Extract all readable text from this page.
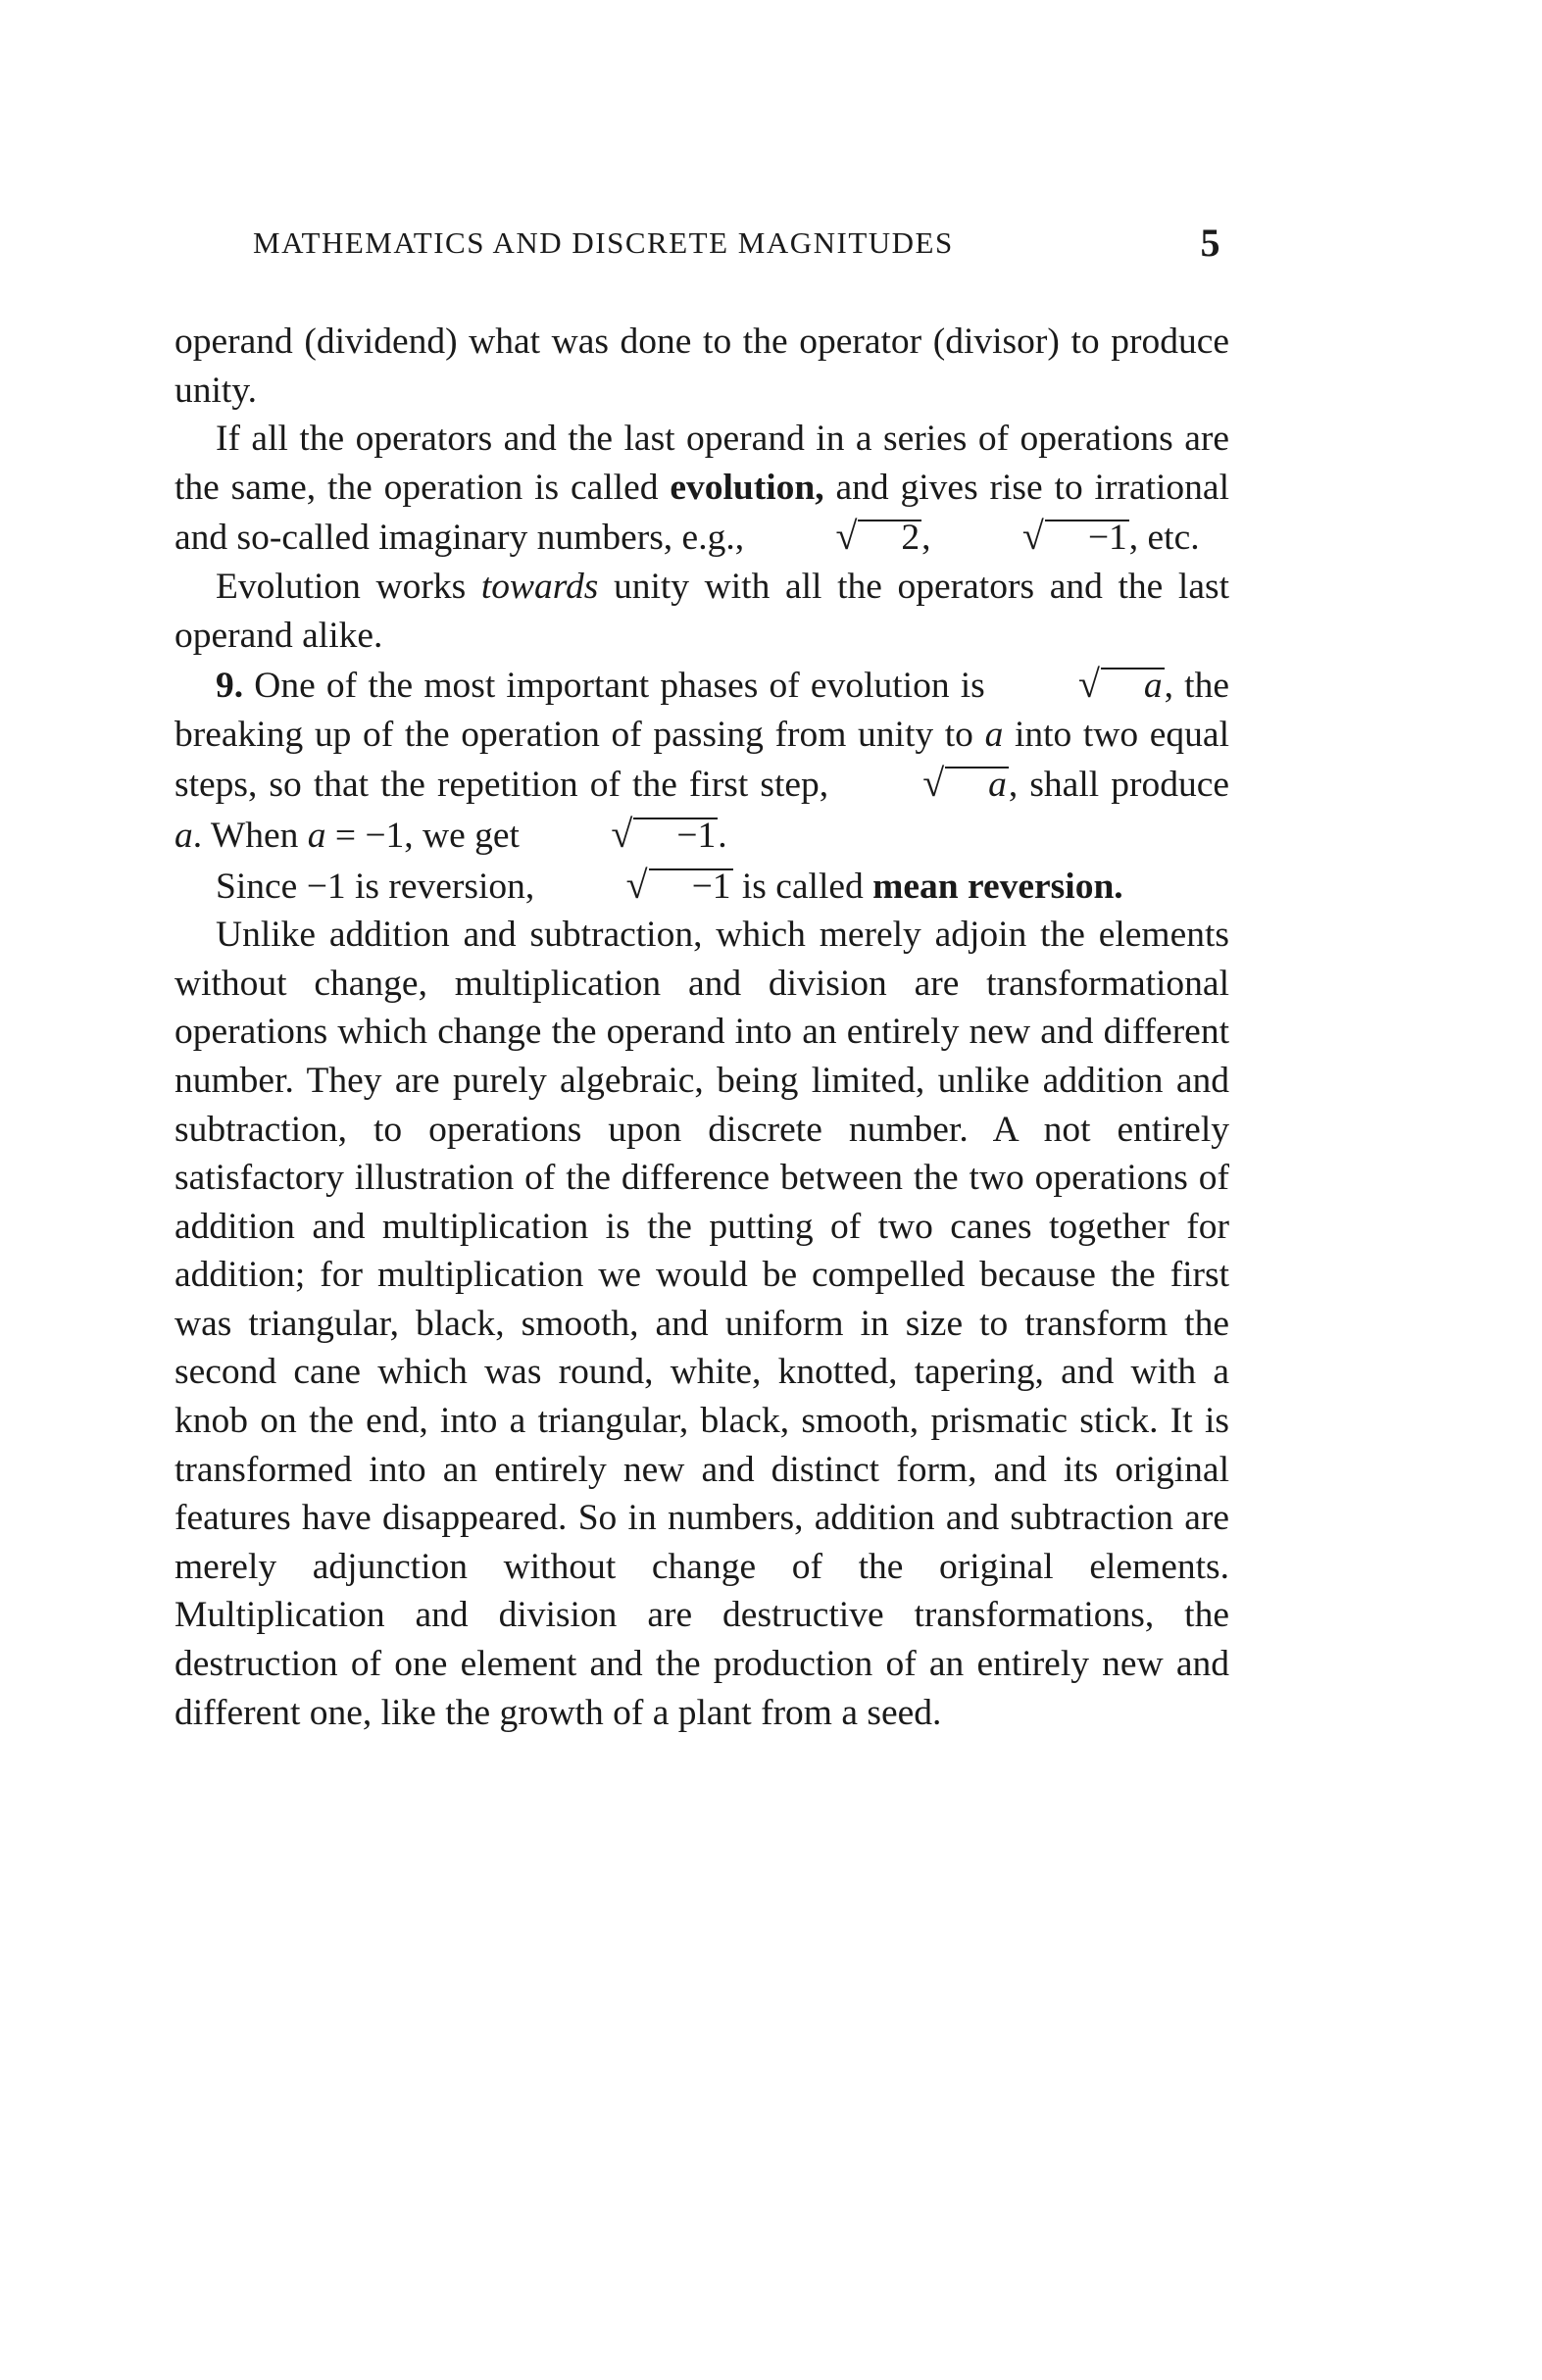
MATHEMATICS AND DISCRETE MAGNITUDES	5

operand (dividend) what was done to the operator (divisor) to produce unity.

If all the operators and the last operand in a series of operations are the same, the operation is called evolution, and gives rise to irrational and so-called imaginary numbers, e.g., √ 2, √ −1, etc.

Evolution works towards unity with all the operators and the last operand alike.

9. One of the most important phases of evolution is √ a, the breaking up of the operation of passing from unity to a into two equal steps, so that the repetition of the first step, √ a, shall produce a. When a = −1, we get √ −1.

Since −1 is reversion, √ −1 is called mean reversion.

Unlike addition and subtraction, which merely adjoin the elements without change, multiplication and division are transformational operations which change the operand into an entirely new and different number. They are purely algebraic, being limited, unlike addition and subtraction, to operations upon discrete number. A not entirely satisfactory illustration of the difference between the two operations of addition and multiplication is the putting of two canes together for addition; for multiplication we would be compelled because the first was triangular, black, smooth, and uniform in size to transform the second cane which was round, white, knotted, tapering, and with a knob on the end, into a triangular, black, smooth, prismatic stick. It is transformed into an entirely new and distinct form, and its original features have disappeared. So in numbers, addition and subtraction are merely adjunction without change of the original elements. Multiplication and division are destructive transformations, the destruction of one element and the production of an entirely new and different one, like the growth of a plant from a seed.
